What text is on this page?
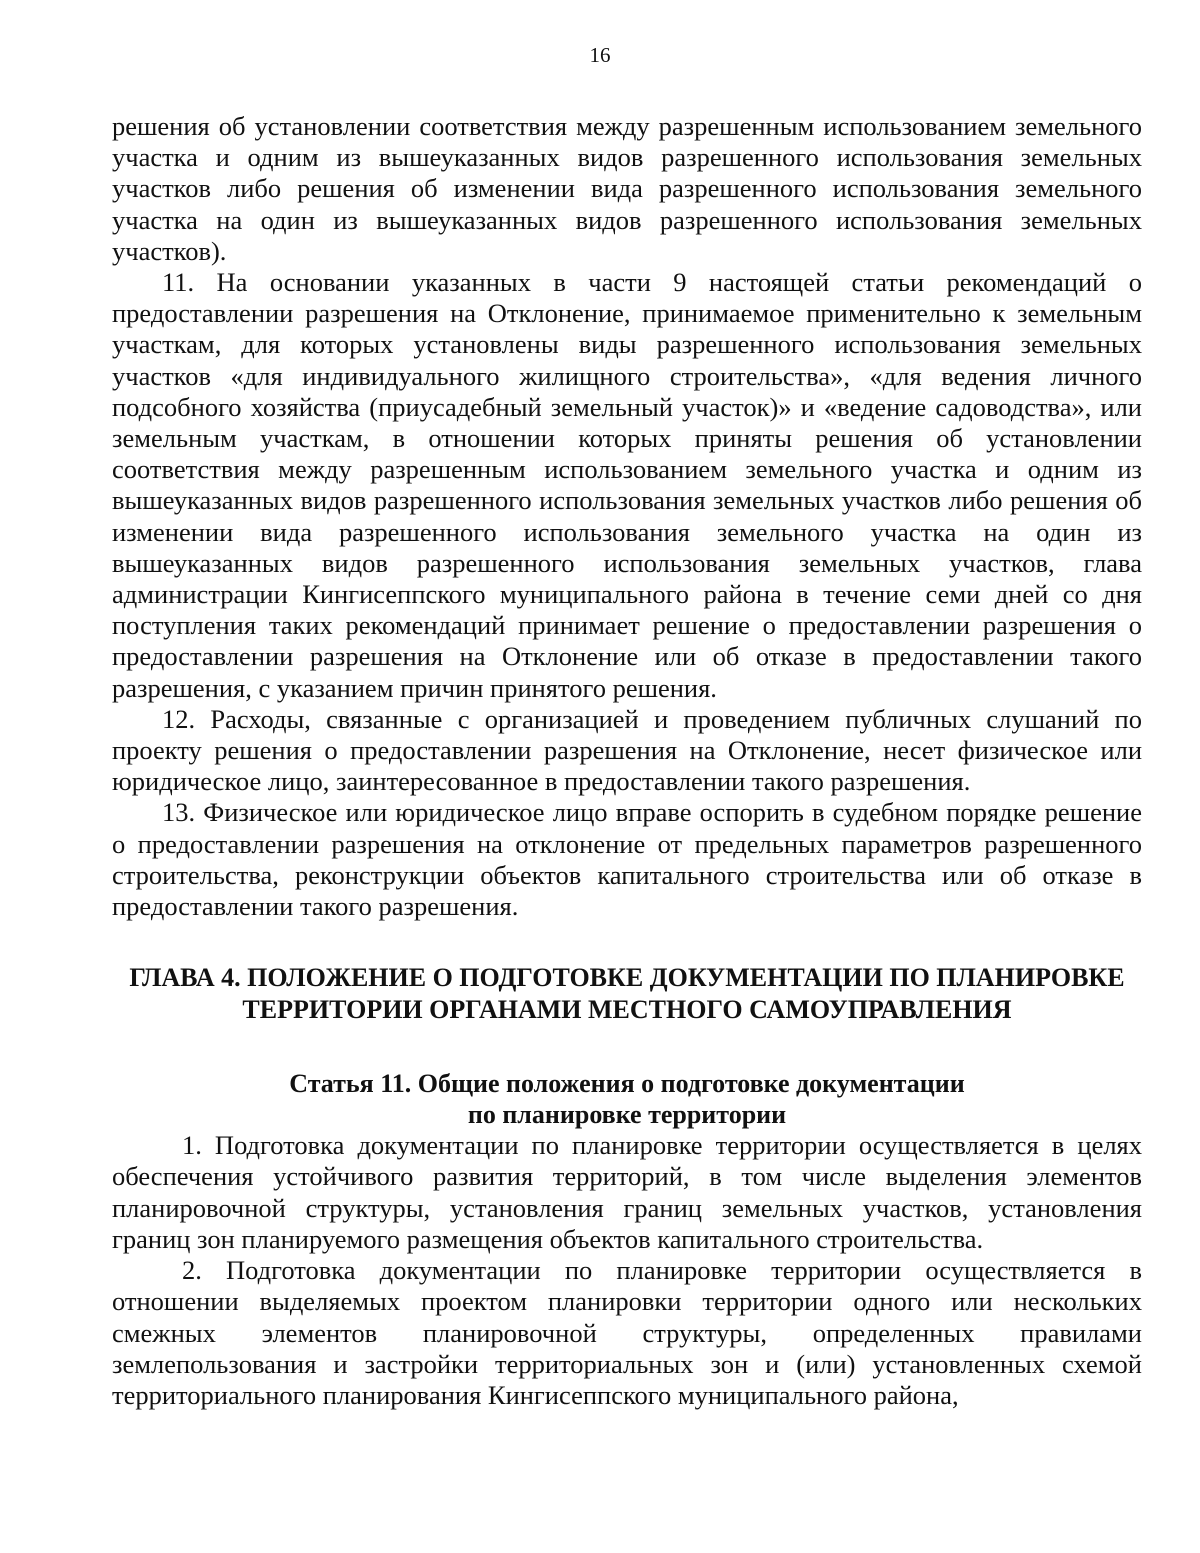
16

решения об установлении соответствия между разрешенным использованием земельного участка и одним из вышеуказанных видов разрешенного использования земельных участков либо решения об изменении вида разрешенного использования земельного участка на один из вышеуказанных видов разрешенного использования земельных участков).

11. На основании указанных в части 9 настоящей статьи рекомендаций о предоставлении разрешения на Отклонение, принимаемое применительно к земельным участкам, для которых установлены виды разрешенного использования земельных участков «для индивидуального жилищного строительства», «для ведения личного подсобного хозяйства (приусадебный земельный участок)» и «ведение садоводства», или земельным участкам, в отношении которых приняты решения об установлении соответствия между разрешенным использованием земельного участка и одним из вышеуказанных видов разрешенного использования земельных участков либо решения об изменении вида разрешенного использования земельного участка на один из вышеуказанных видов разрешенного использования земельных участков, глава администрации Кингисеппского муниципального района в течение семи дней со дня поступления таких рекомендаций принимает решение о предоставлении разрешения о предоставлении разрешения на Отклонение или об отказе в предоставлении такого разрешения, с указанием причин принятого решения.

12. Расходы, связанные с организацией и проведением публичных слушаний по проекту решения о предоставлении разрешения на Отклонение, несет физическое или юридическое лицо, заинтересованное в предоставлении такого разрешения.

13. Физическое или юридическое лицо вправе оспорить в судебном порядке решение о предоставлении разрешения на отклонение от предельных параметров разрешенного строительства, реконструкции объектов капитального строительства или об отказе в предоставлении такого разрешения.

ГЛАВА 4. ПОЛОЖЕНИЕ О ПОДГОТОВКЕ ДОКУМЕНТАЦИИ ПО ПЛАНИРОВКЕ ТЕРРИТОРИИ ОРГАНАМИ МЕСТНОГО САМОУПРАВЛЕНИЯ
Статья 11. Общие положения о подготовке документации
по планировке территории

1. Подготовка документации по планировке территории осуществляется в целях обеспечения устойчивого развития территорий, в том числе выделения элементов планировочной структуры, установления границ земельных участков, установления границ зон планируемого размещения объектов капитального строительства.

2. Подготовка документации по планировке территории осуществляется в отношении выделяемых проектом планировки территории одного или нескольких смежных элементов планировочной структуры, определенных правилами землепользования и застройки территориальных зон и (или) установленных схемой территориального планирования Кингисеппского муниципального района,
